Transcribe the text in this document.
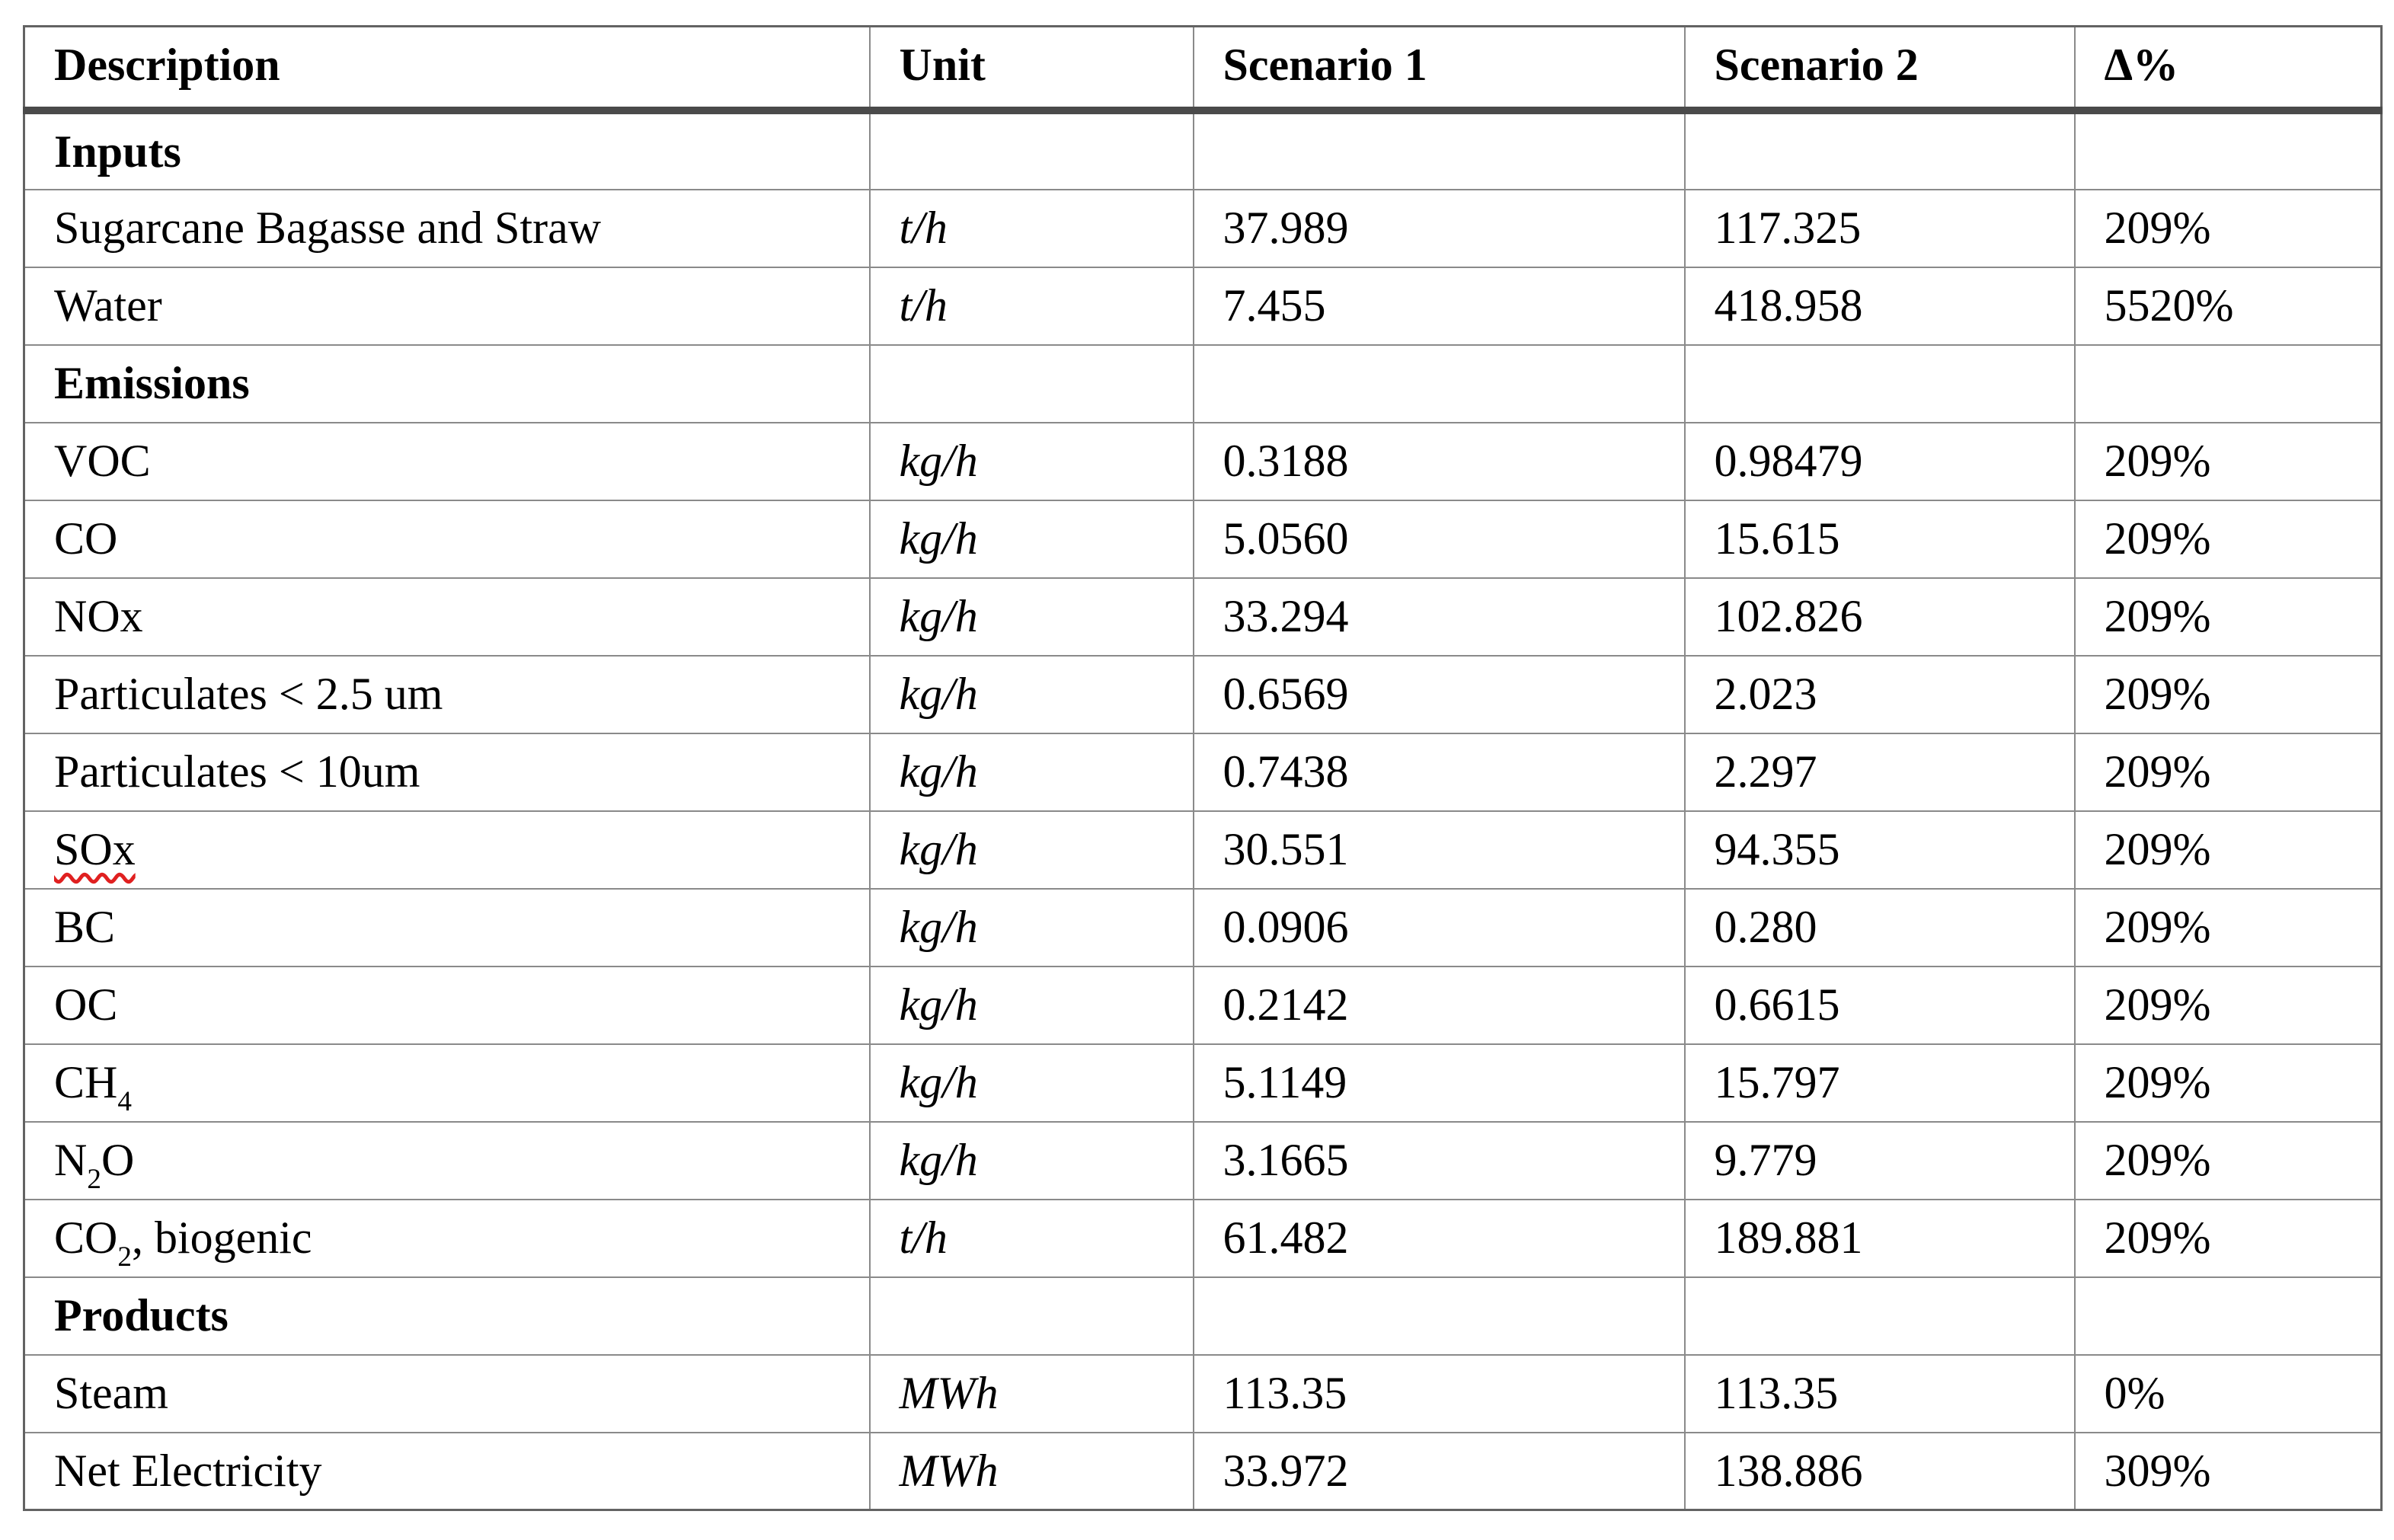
Description	Unit	Scenario 1	Scenario 2	Δ%
Inputs				
Sugarcane Bagasse and Straw	t/h	37.989	117.325	209%
Water	t/h	7.455	418.958	5520%
Emissions				
VOC	kg/h	0.3188	0.98479	209%
CO	kg/h	5.0560	15.615	209%
NOx	kg/h	33.294	102.826	209%
Particulates < 2.5 um	kg/h	0.6569	2.023	209%
Particulates < 10um	kg/h	0.7438	2.297	209%
SOx	kg/h	30.551	94.355	209%
BC	kg/h	0.0906	0.280	209%
OC	kg/h	0.2142	0.6615	209%
$CH_4$	kg/h	5.1149	15.797	209%
$N_2O$	kg/h	3.1665	9.779	209%
$CO_2$, biogenic	t/h	61.482	189.881	209%
Products				
Steam	MWh	113.35	113.35	0%
Net Electricity	MWh	33.972	138.886	309%
